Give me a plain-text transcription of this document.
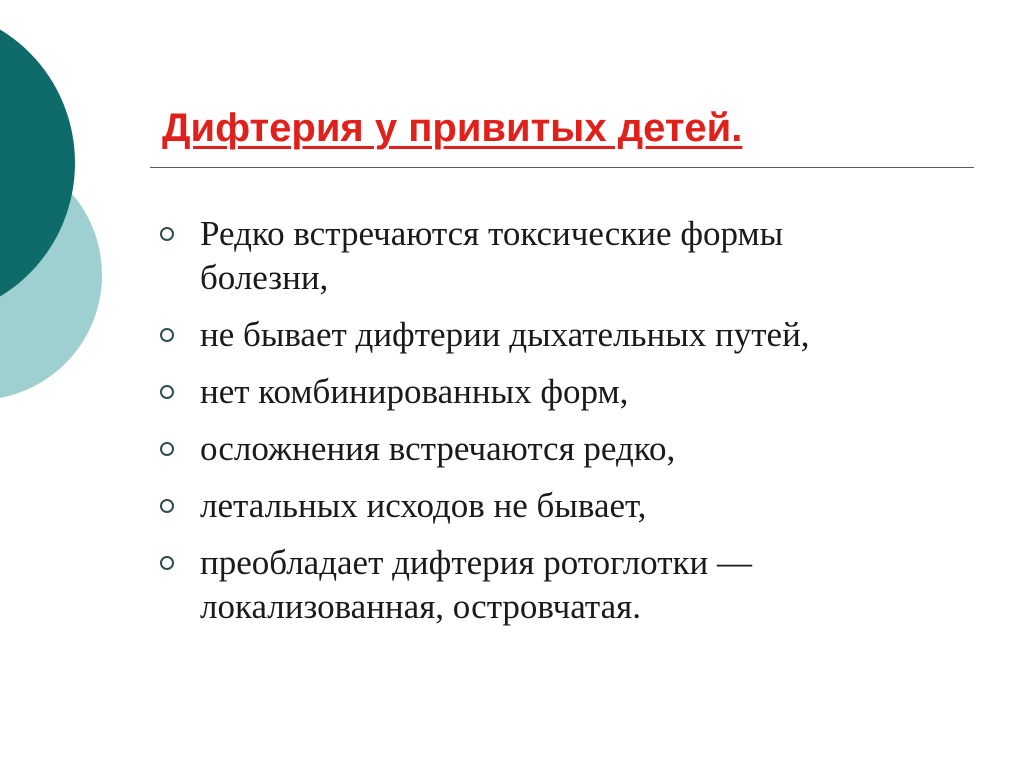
Дифтерия у привитых детей.
Редко встречаются токсические формы болезни,
не бывает дифтерии дыхательных путей,
нет комбинированных форм,
осложнения встречаются редко,
летальных исходов не бывает,
преобладает дифтерия ротоглотки — локализованная, островчатая.
